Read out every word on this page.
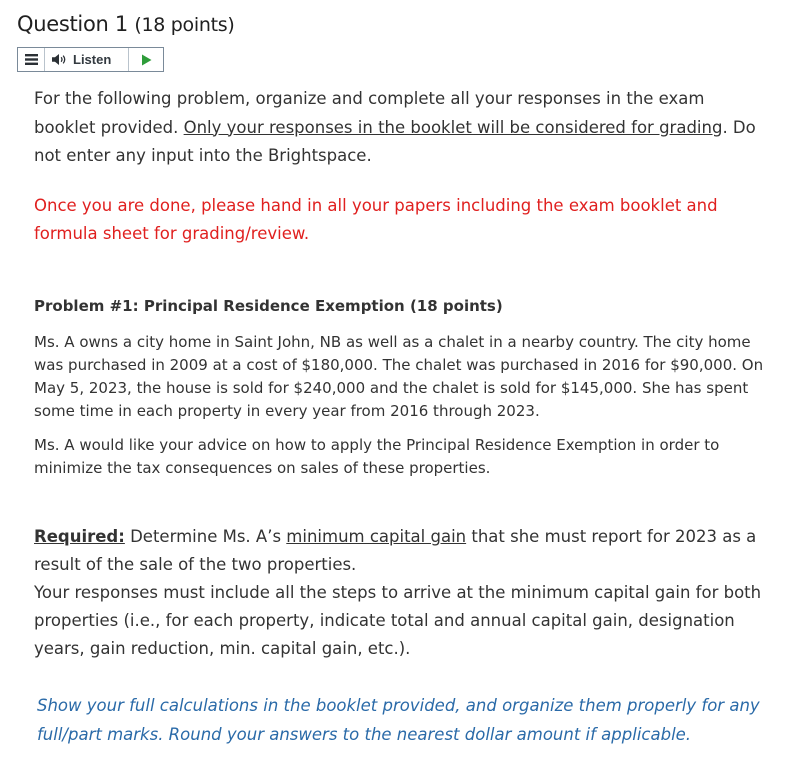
Question 1 (18 points)
Listen
For the following problem, organize and complete all your responses in the exam booklet provided. Only your responses in the booklet will be considered for grading. Do not enter any input into the Brightspace.
Once you are done, please hand in all your papers including the exam booklet and formula sheet for grading/review.
Problem #1: Principal Residence Exemption (18 points)
Ms. A owns a city home in Saint John, NB as well as a chalet in a nearby country. The city home was purchased in 2009 at a cost of $180,000. The chalet was purchased in 2016 for $90,000. On May 5, 2023, the house is sold for $240,000 and the chalet is sold for $145,000. She has spent some time in each property in every year from 2016 through 2023.
Ms. A would like your advice on how to apply the Principal Residence Exemption in order to minimize the tax consequences on sales of these properties.
Required: Determine Ms. A’s minimum capital gain that she must report for 2023 as a result of the sale of the two properties.
Your responses must include all the steps to arrive at the minimum capital gain for both properties (i.e., for each property, indicate total and annual capital gain, designation years, gain reduction, min. capital gain, etc.).
Show your full calculations in the booklet provided, and organize them properly for any full/part marks. Round your answers to the nearest dollar amount if applicable.
